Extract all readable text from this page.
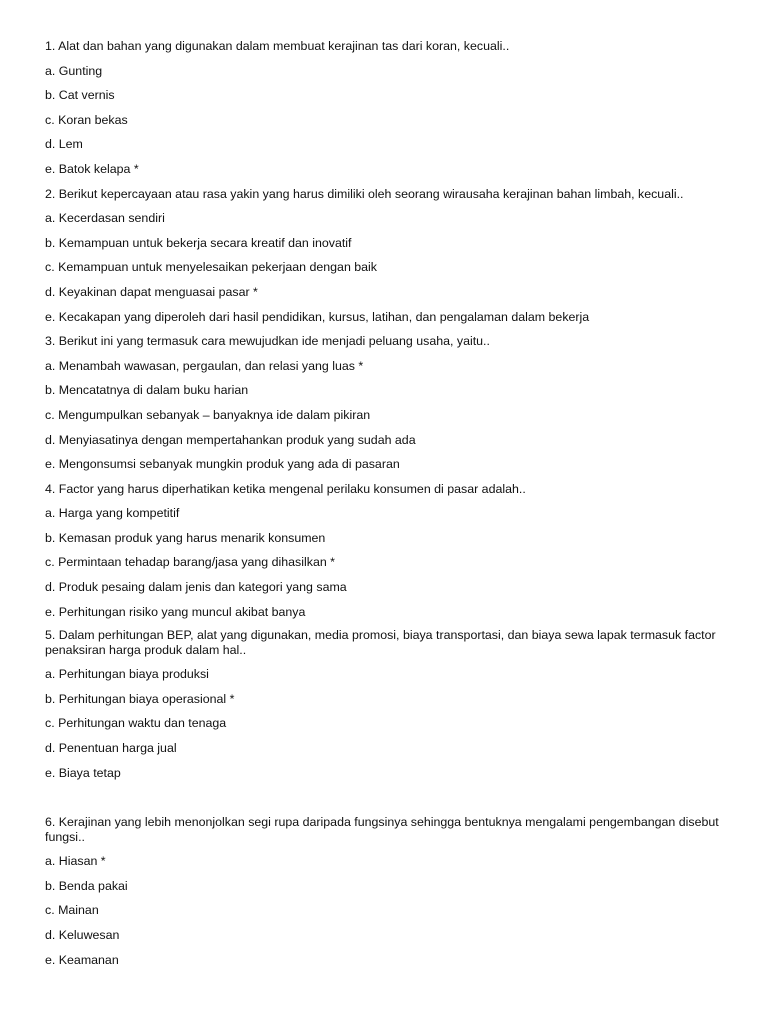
1. Alat dan bahan yang digunakan dalam membuat kerajinan tas dari koran, kecuali..

a. Gunting

b. Cat vernis

c. Koran bekas

d. Lem

e. Batok kelapa *

2. Berikut kepercayaan atau rasa yakin yang harus dimiliki oleh seorang wirausaha kerajinan bahan limbah, kecuali..

a. Kecerdasan sendiri

b. Kemampuan untuk bekerja secara kreatif dan inovatif

c. Kemampuan untuk menyelesaikan pekerjaan dengan baik

d. Keyakinan dapat menguasai pasar *

e. Kecakapan yang diperoleh dari hasil pendidikan, kursus, latihan, dan pengalaman dalam bekerja

3. Berikut ini yang termasuk cara mewujudkan ide menjadi peluang usaha, yaitu..

a. Menambah wawasan, pergaulan, dan relasi yang luas *

b. Mencatatnya di dalam buku harian

c. Mengumpulkan sebanyak – banyaknya ide dalam pikiran

d. Menyiasatinya dengan mempertahankan produk yang sudah ada

e. Mengonsumsi sebanyak mungkin produk yang ada di pasaran

4. Factor yang harus diperhatikan ketika mengenal perilaku konsumen di pasar adalah..

a. Harga yang kompetitif

b. Kemasan produk yang harus menarik konsumen

c. Permintaan tehadap barang/jasa yang dihasilkan *

d. Produk pesaing dalam jenis dan kategori yang sama

e. Perhitungan risiko yang muncul akibat banya

5. Dalam perhitungan BEP, alat yang digunakan, media promosi, biaya transportasi, dan biaya sewa lapak termasuk factor penaksiran harga produk dalam hal..

a. Perhitungan biaya produksi

b. Perhitungan biaya operasional *

c. Perhitungan waktu dan tenaga

d. Penentuan harga jual

e. Biaya tetap

6. Kerajinan yang lebih menonjolkan segi rupa daripada fungsinya sehingga bentuknya mengalami pengembangan disebut fungsi..

a. Hiasan *

b. Benda pakai

c. Mainan

d. Keluwesan

e. Keamanan
